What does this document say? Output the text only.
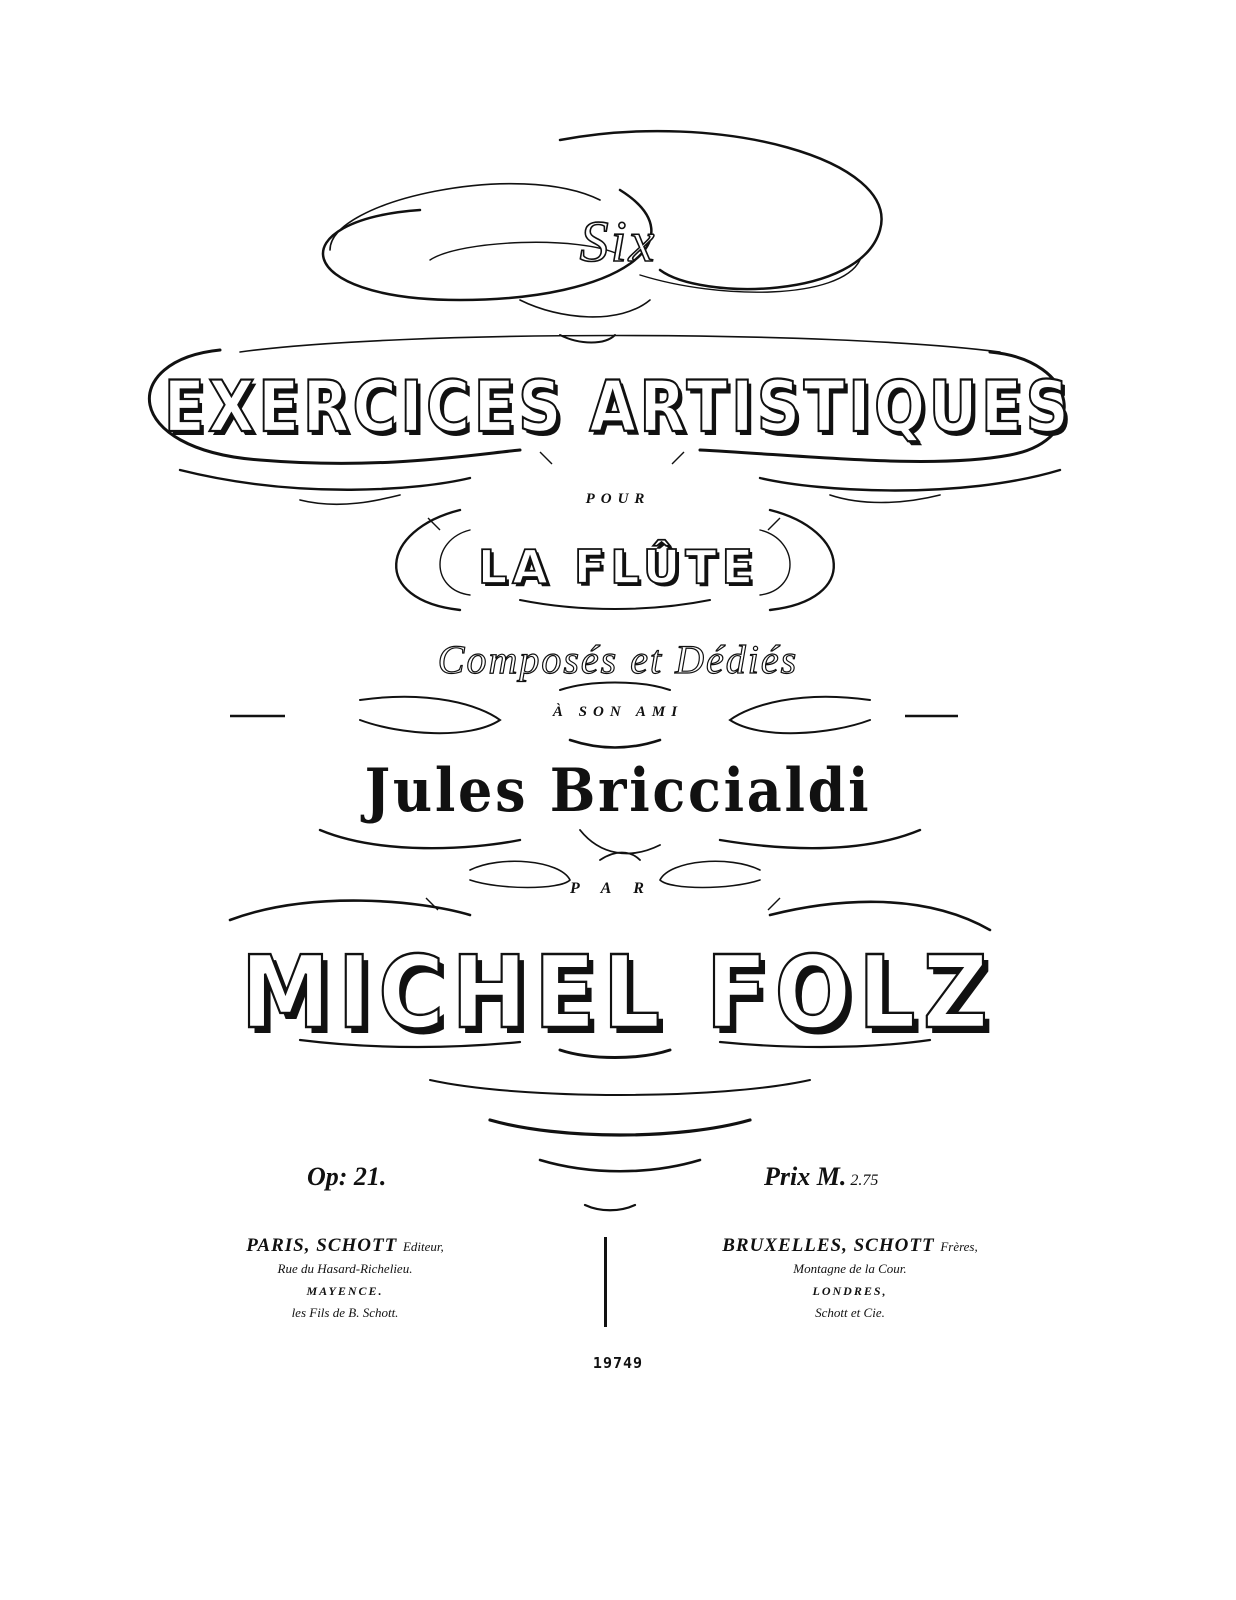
Six
EXERCICES ARTISTIQUES
POUR
LA FLÛTE
Composés et Dédiés
À SON AMI
Jules Briccialdi
PAR
MICHEL FOLZ
Op: 21.	Prix M. 2.75
PARIS, SCHOTT Editeur,
Rue du Hasard-Richelieu.
MAYENCE.
les Fils de B. Schott.
BRUXELLES, SCHOTT Frères,
Montagne de la Cour.
LONDRES,
Schott et Cie.
19749
